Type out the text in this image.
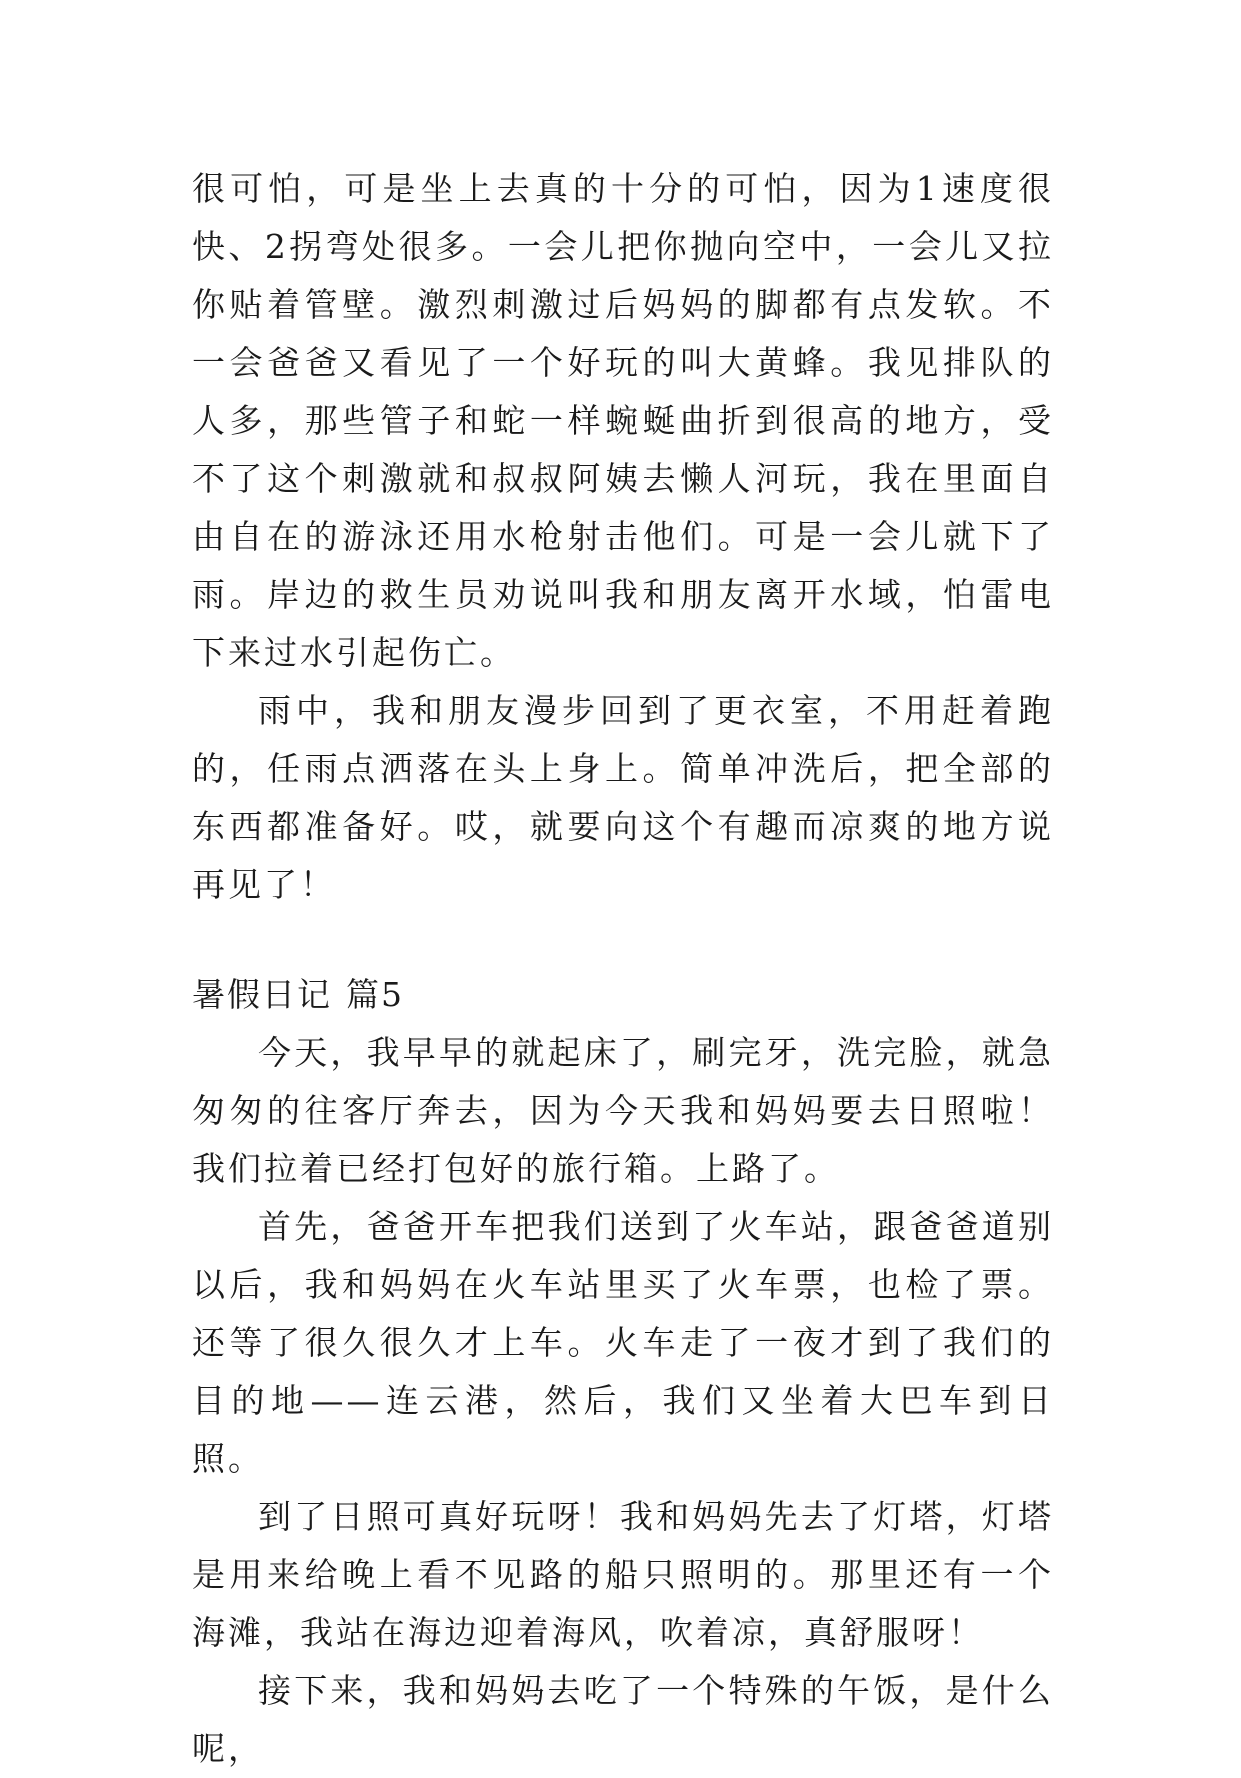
很可怕，可是坐上去真的十分的可怕，因为1速度很快、2拐弯处很多。一会儿把你抛向空中，一会儿又拉你贴着管壁。激烈刺激过后妈妈的脚都有点发软。不一会爸爸又看见了一个好玩的叫大黄蜂。我见排队的人多，那些管子和蛇一样蜿蜒曲折到很高的地方，受不了这个刺激就和叔叔阿姨去懒人河玩，我在里面自由自在的游泳还用水枪射击他们。可是一会儿就下了雨。岸边的救生员劝说叫我和朋友离开水域，怕雷电下来过水引起伤亡。

雨中，我和朋友漫步回到了更衣室，不用赶着跑的，任雨点洒落在头上身上。简单冲洗后，把全部的东西都准备好。哎，就要向这个有趣而凉爽的地方说再见了！

暑假日记 篇5

今天，我早早的就起床了，刷完牙，洗完脸，就急匆匆的往客厅奔去，因为今天我和妈妈要去日照啦！我们拉着已经打包好的旅行箱。上路了。

首先，爸爸开车把我们送到了火车站，跟爸爸道别以后，我和妈妈在火车站里买了火车票，也检了票。还等了很久很久才上车。火车走了一夜才到了我们的目的地——连云港，然后，我们又坐着大巴车到日照。

到了日照可真好玩呀！我和妈妈先去了灯塔，灯塔是用来给晚上看不见路的船只照明的。那里还有一个海滩，我站在海边迎着海风，吹着凉，真舒服呀！

接下来，我和妈妈去吃了一个特殊的午饭，是什么呢，
